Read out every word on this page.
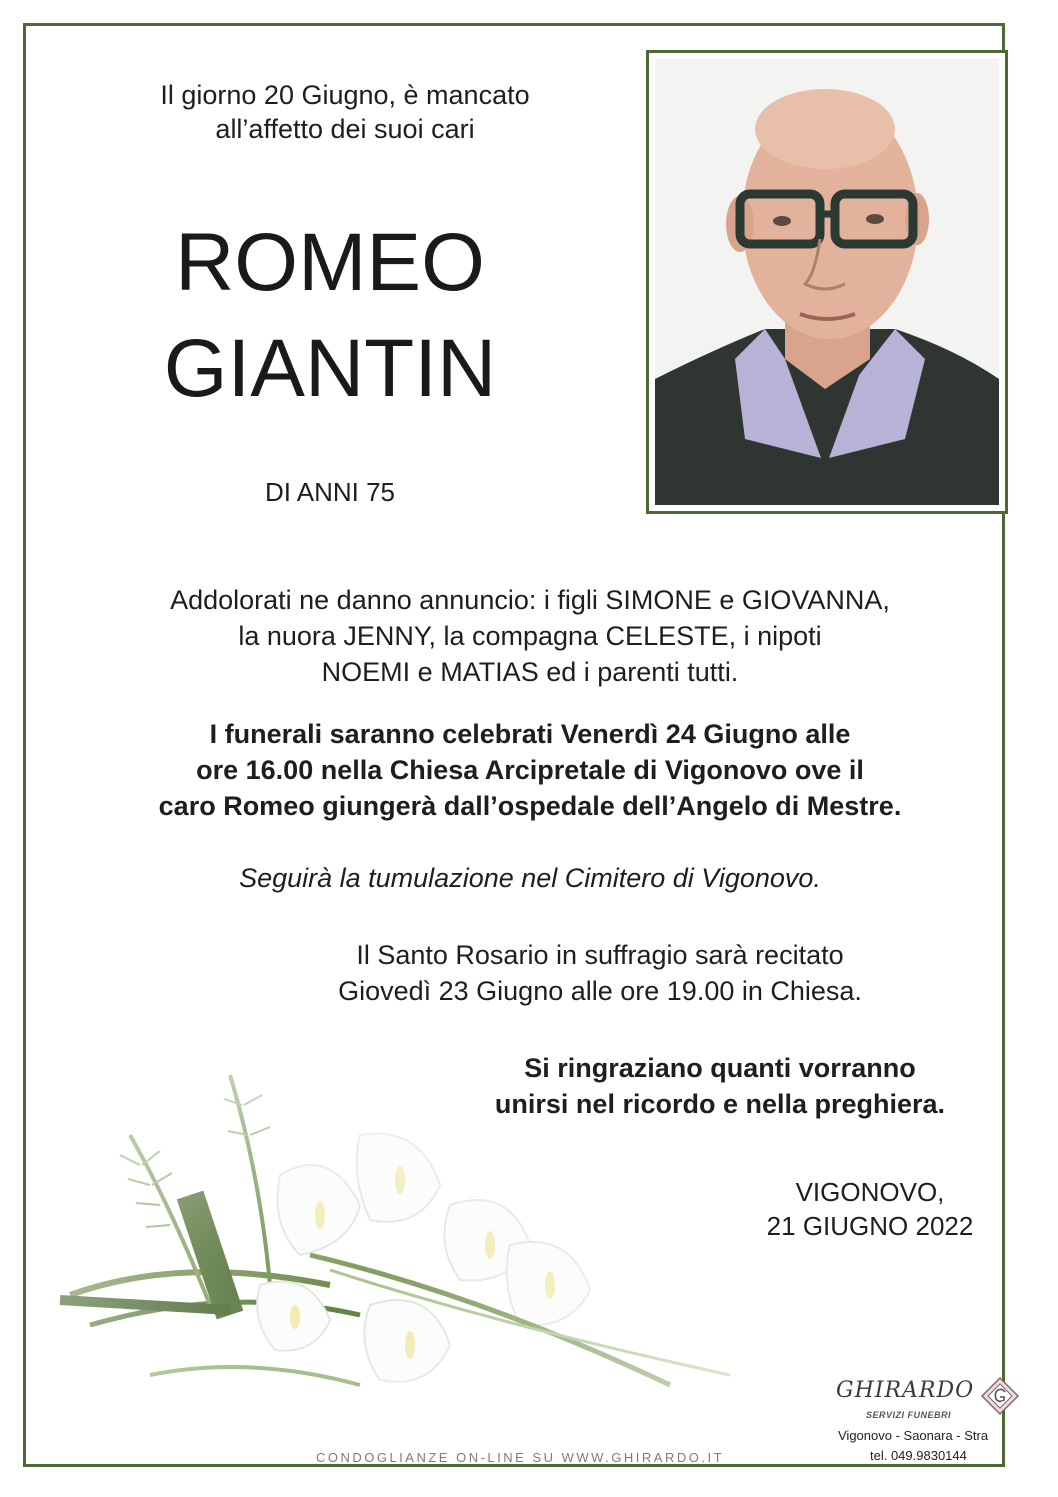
Il giorno 20 Giugno, è mancato
all’affetto dei suoi cari
ROMEO
GIANTIN
DI ANNI 75
Addolorati ne danno annuncio: i figli SIMONE e GIOVANNA,
la nuora JENNY, la compagna CELESTE, i nipoti
NOEMI e MATIAS ed i parenti tutti.
I funerali saranno celebrati Venerdì 24 Giugno alle
ore 16.00 nella Chiesa Arcipretale di Vigonovo ove il
caro Romeo giungerà dall’ospedale dell’Angelo di Mestre.
Seguirà la tumulazione nel Cimitero di Vigonovo.
Il Santo Rosario in suffragio sarà recitato
Giovedì 23 Giugno alle ore 19.00 in Chiesa.
Si ringraziano quanti vorranno
unirsi nel ricordo e nella preghiera.
VIGONOVO,
21 GIUGNO 2022
CONDOGLIANZE ON-LINE SU WWW.GHIRARDO.IT
GHIRARDO
SERVIZI FUNEBRI
Vigonovo - Saonara - Stra
tel. 049.9830144
